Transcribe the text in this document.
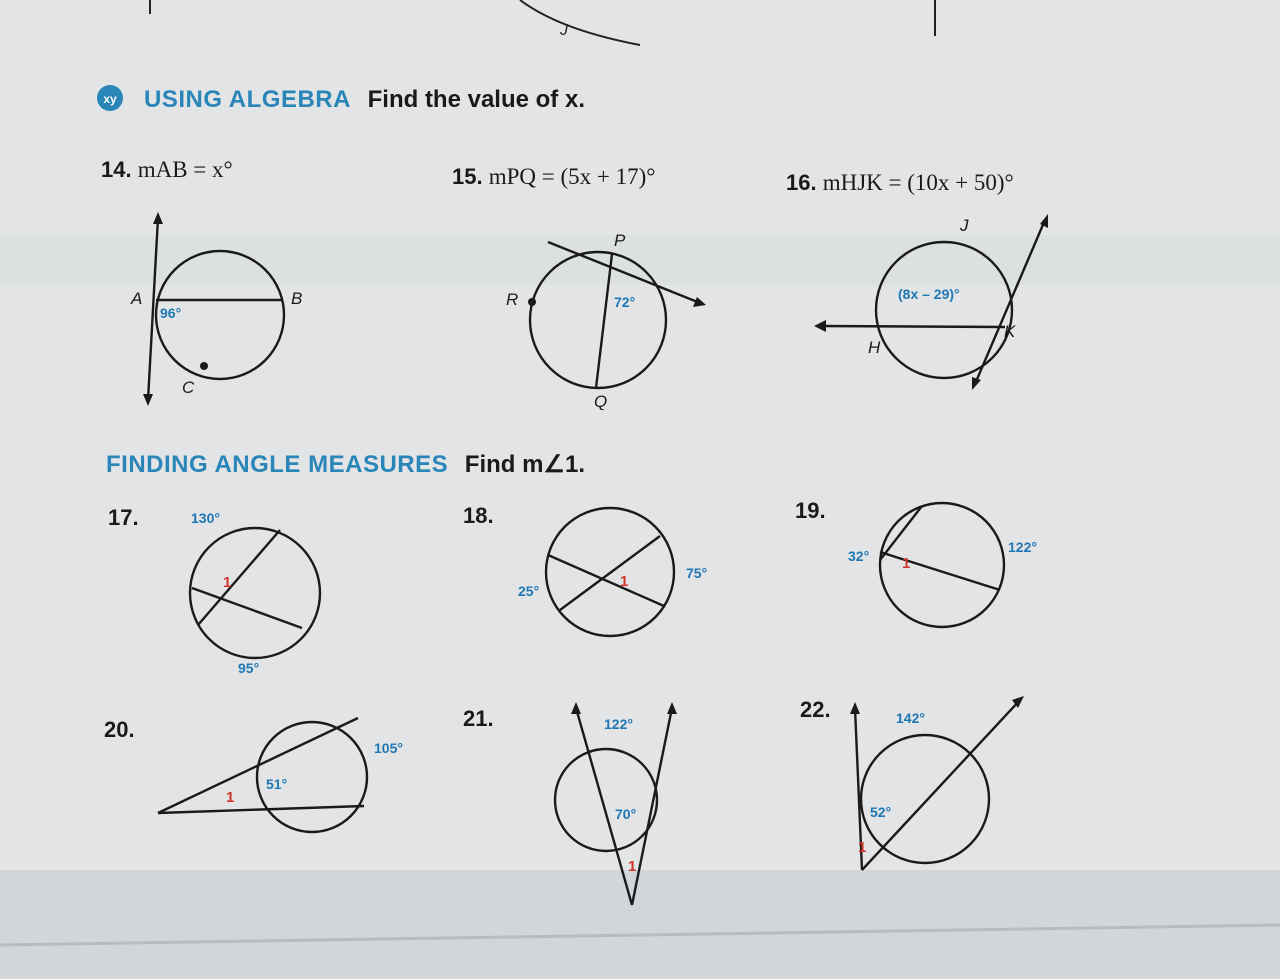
J
xy USING ALGEBRA Find the value of x.
14. mAB = x°	15. mPQ = (5x + 17)°	16. mHJK = (10x + 50)°
A	B
C
96°
P
R
Q
72°
J
H
K
(8x – 29)°
FINDING ANGLE MEASURES Find m∠1.
17.	18.	19.
20.	21.	22.
130°
95°
1	25°
75°
1
32°
122°
1
105°
51°
1
122°
70°
1
142°
52°
1
